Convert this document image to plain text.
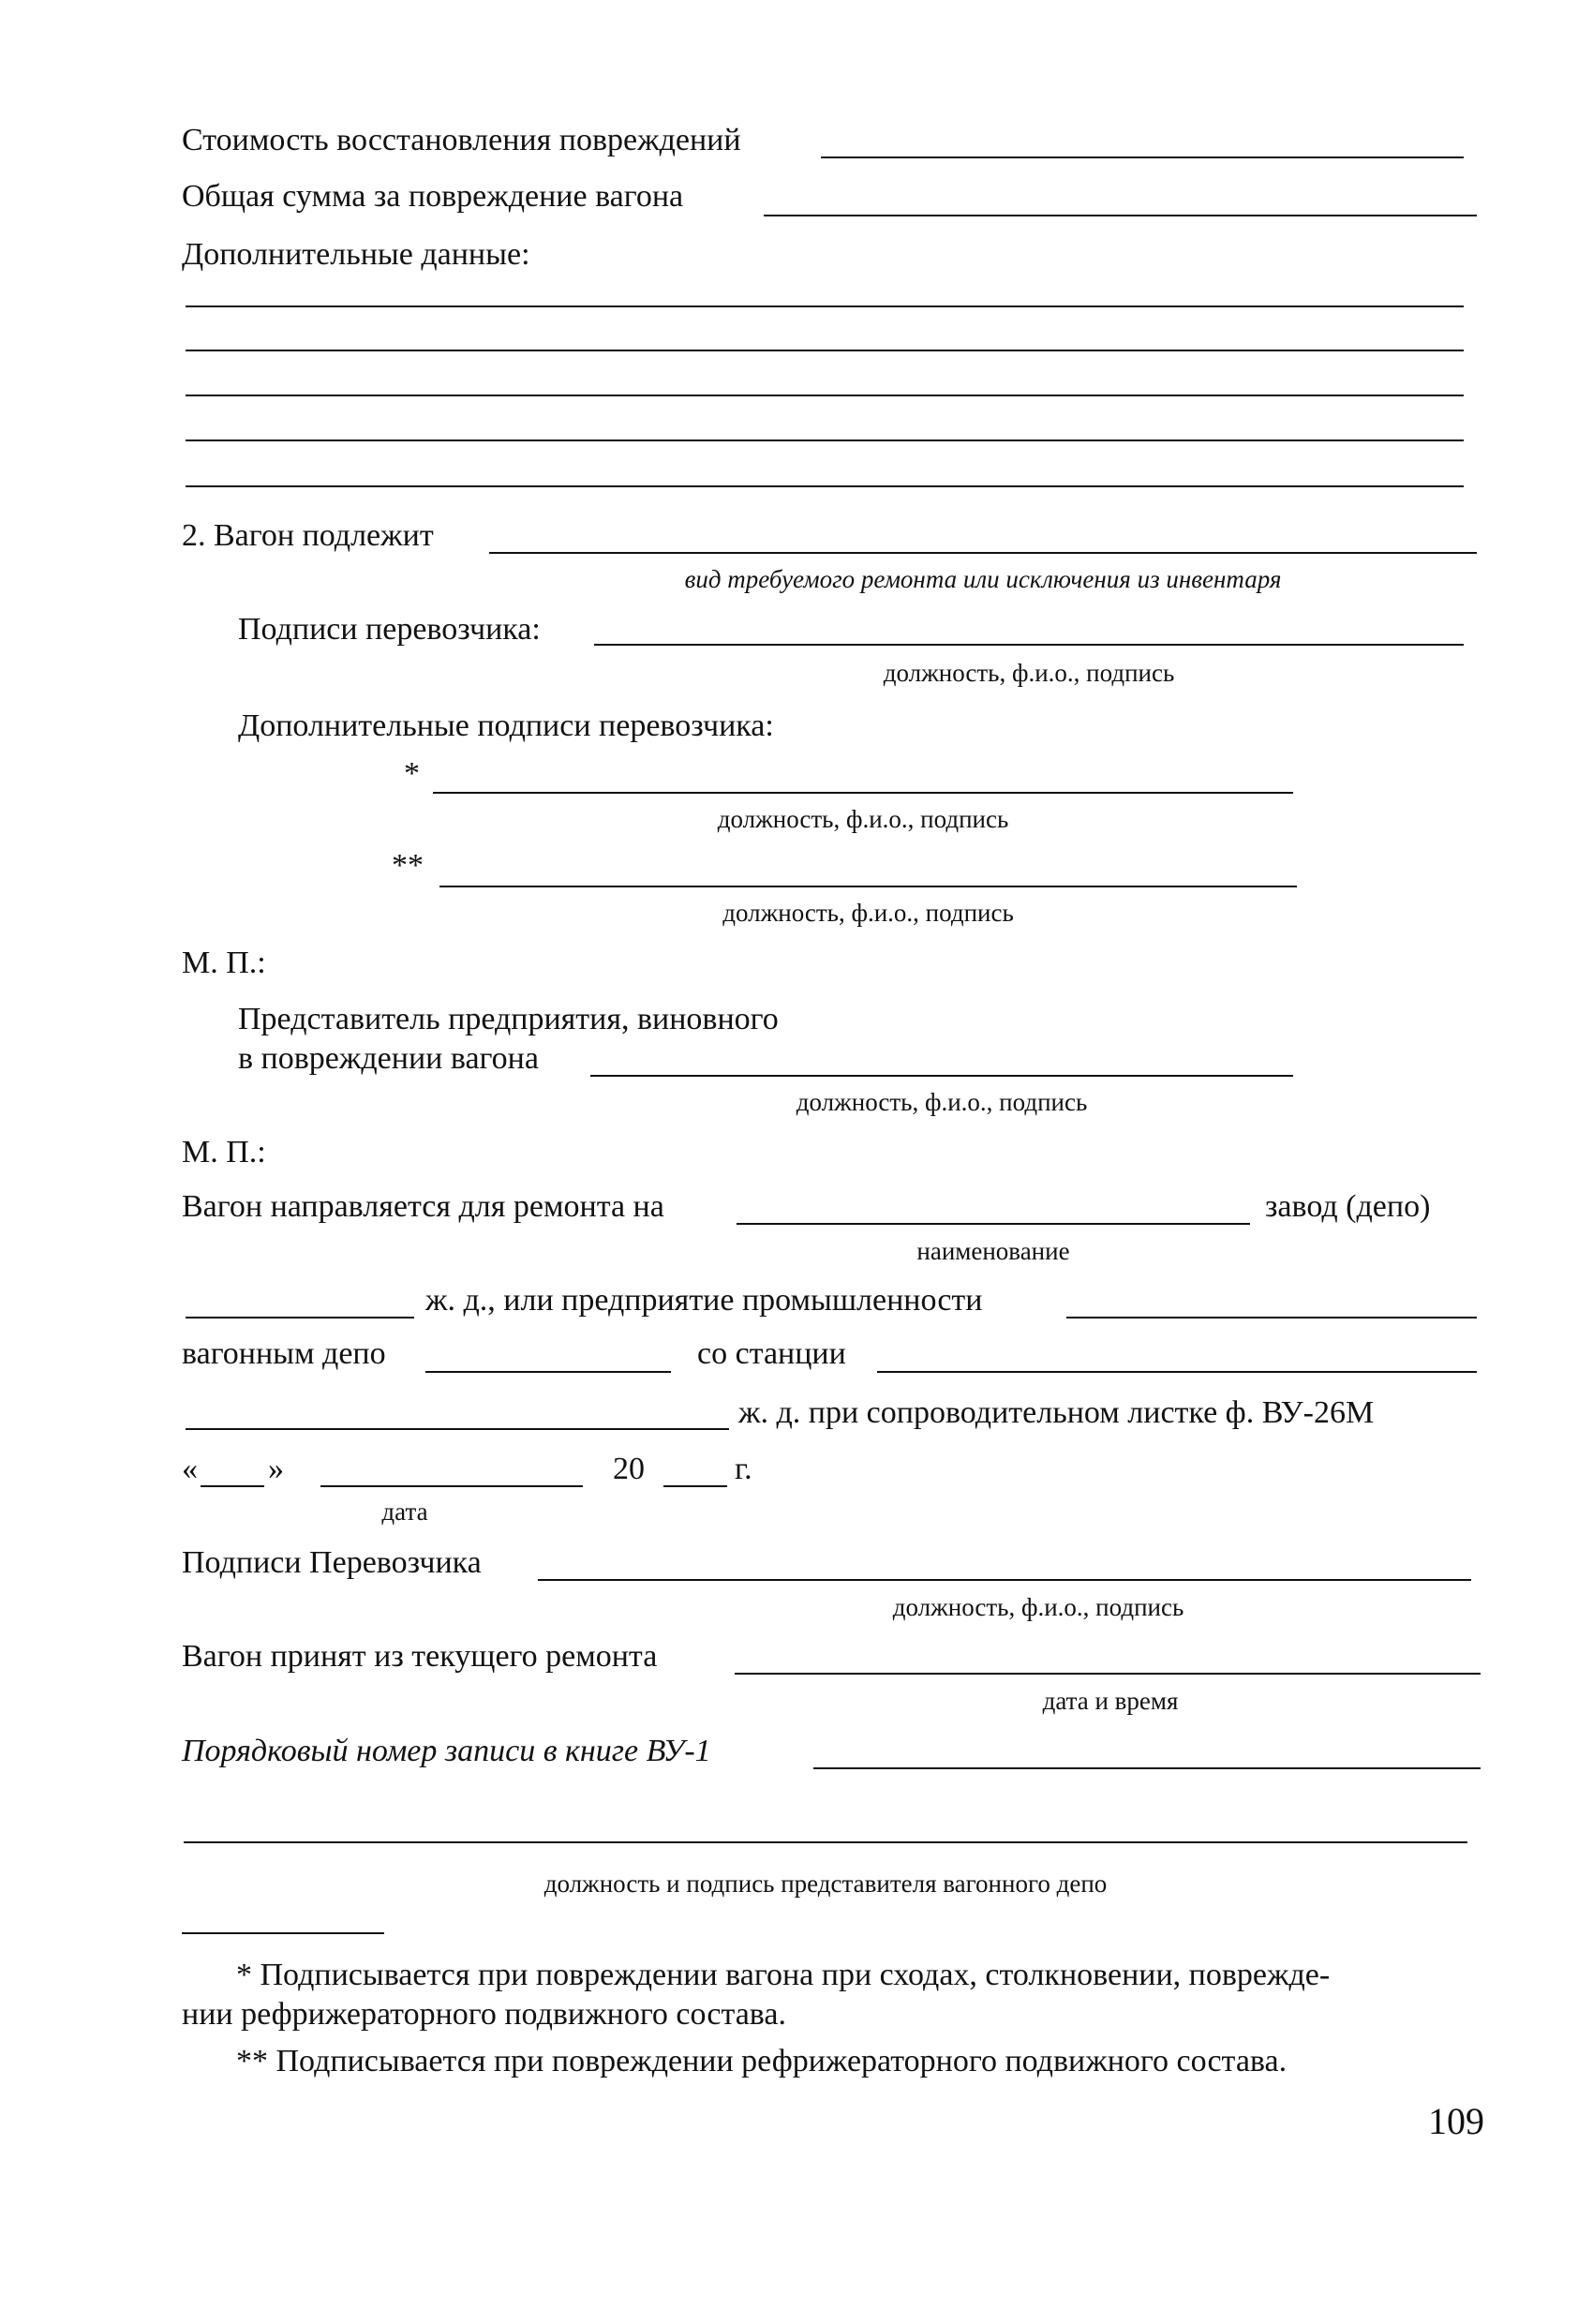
Стоимость восстановления повреждений
Общая сумма за повреждение вагона
Дополнительные данные:
2. Вагон подлежит
вид требуемого ремонта или исключения из инвентаря
Подписи перевозчика:
должность, ф.и.о., подпись
Дополнительные подписи перевозчика:
*
должность, ф.и.о., подпись
**
должность, ф.и.о., подпись
М. П.:
Представитель предприятия, виновного
в повреждении вагона
должность, ф.и.о., подпись
М. П.:
Вагон направляется для ремонта на	завод (депо)
наименование
ж. д., или предприятие промышленности
вагонным депо	со станции
ж. д. при сопроводительном листке ф. ВУ-26М
« »	20	г.
дата
Подписи Перевозчика
должность, ф.и.о., подпись
Вагон принят из текущего ремонта
дата и время
Порядковый номер записи в книге ВУ-1
должность и подпись представителя вагонного депо
* Подписывается при повреждении вагона при сходах, столкновении, поврежде-
нии рефрижераторного подвижного состава.
** Подписывается при повреждении рефрижераторного подвижного состава.
109
